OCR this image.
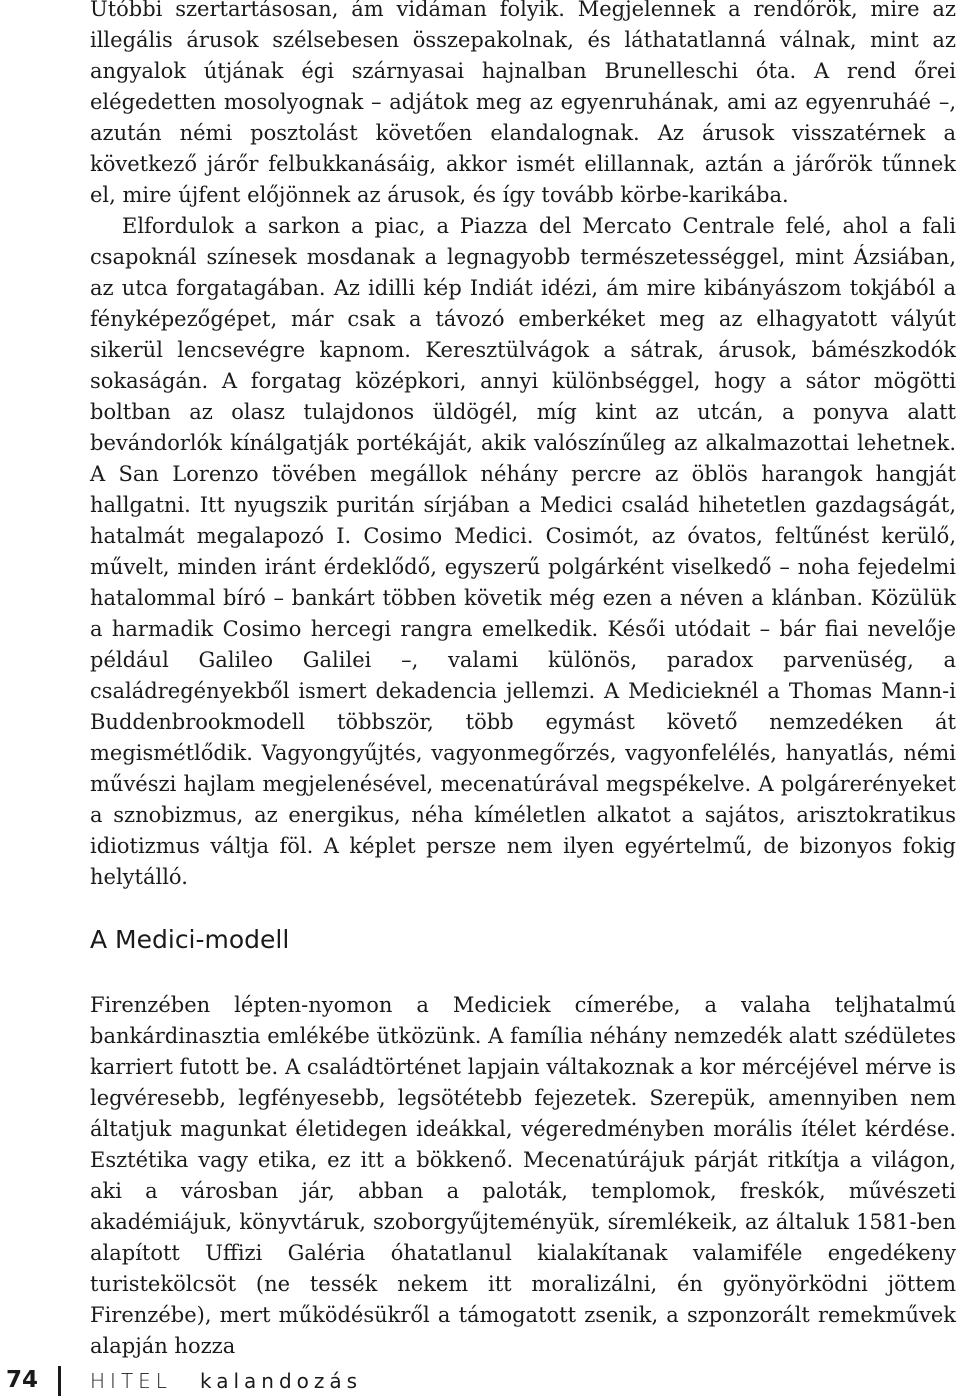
Utóbbi szertartásosan, ám vidáman folyik. Megjelennek a rendőrök, mire az illegális árusok szélsebesen összepakolnak, és láthatatlanná válnak, mint az angyalok útjának égi szárnyasai hajnalban Brunelleschi óta. A rend őrei elégedetten mosolyognak – adjátok meg az egyenruhának, ami az egyenruháé –, azután némi posztolást követően elandalognak. Az árusok visszatérnek a következő járőr felbukkanásáig, akkor ismét elillannak, aztán a járőrök tűnnek el, mire újfent előjönnek az árusok, és így tovább körbe-karikába.

Elfordulok a sarkon a piac, a Piazza del Mercato Centrale felé, ahol a fali csapoknál színesek mosdanak a legnagyobb természetességgel, mint Ázsiában, az utca forgatagában. Az idilli kép Indiát idézi, ám mire kibányászom tokjából a fényképezőgépet, már csak a távozó emberkéket meg az elhagyatott vályút sikerül lencsevégre kapnom. Keresztülvágok a sátrak, árusok, bámészkodók sokaságán. A forgatag középkori, annyi különbséggel, hogy a sátor mögötti boltban az olasz tulajdonos üldögél, míg kint az utcán, a ponyva alatt bevándorlók kínálgatják portékáját, akik valószínűleg az alkalmazottai lehetnek. A San Lorenzo tövében megállok néhány percre az öblös harangok hangját hallgatni. Itt nyugszik puritán sírjában a Medici család hihetetlen gazdagságát, hatalmát megalapozó I. Cosimo Medici. Cosimót, az óvatos, feltűnést kerülő, művelt, minden iránt érdeklődő, egyszerű polgárként viselkedő – noha fejedelmi hatalommal bíró – bankárt többen követik még ezen a néven a klánban. Közülük a harmadik Cosimo hercegi rangra emelkedik. Késői utódait – bár fiai nevelője például Galileo Galilei –, valami különös, paradox parvenüség, a családregényekből ismert dekadencia jellemzi. A Medicieknél a Thomas Mann-i Buddenbrookmodell többször, több egymást követő nemzedéken át megismétlődik. Vagyongyűjtés, vagyonmegőrzés, vagyonfelélés, hanyatlás, némi művészi hajlam megjelenésével, mecenatúrával megspékelve. A polgárerényeket a sznobizmus, az energikus, néha kíméletlen alkatot a sajátos, arisztokratikus idiotizmus váltja föl. A képlet persze nem ilyen egyértelmű, de bizonyos fokig helytálló.

A Medici-modell

Firenzében lépten-nyomon a Mediciek címerébe, a valaha teljhatalmú bankárdinasztia emlékébe ütközünk. A família néhány nemzedék alatt szédületes karriert futott be. A családtörténet lapjain váltakoznak a kor mércéjével mérve is legvéresebb, legfényesebb, legsötétebb fejezetek. Szerepük, amennyiben nem áltatjuk magunkat életidegen ideákkal, végeredményben morális ítélet kérdése. Esztétika vagy etika, ez itt a bökkenő. Mecenatúrájuk párját ritkítja a világon, aki a városban jár, abban a paloták, templomok, freskók, művészeti akadémiájuk, könyvtáruk, szoborgyűjteményük, síremlékeik, az általuk 1581-ben alapított Uffizi Galéria óhatatlanul kialakítanak valamiféle engedékeny turistekölcsöt (ne tessék nekem itt moralizálni, én gyönyörködni jöttem Firenzébe), mert működésükről a támogatott zsenik, a szponzorált remekművek alapján hozza

74	HITEL kalandozás
